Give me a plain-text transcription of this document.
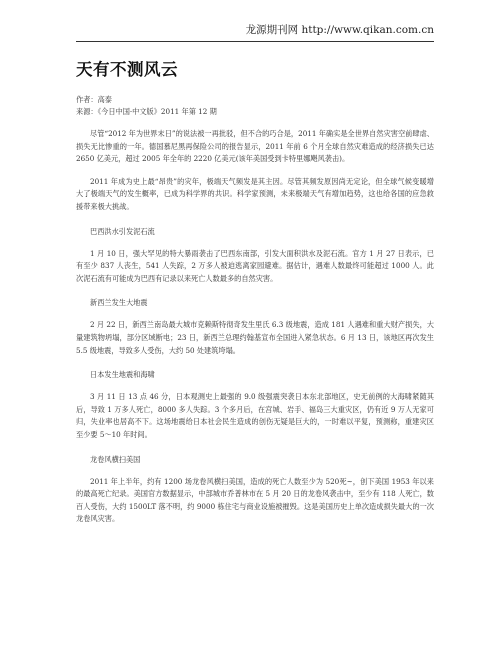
龙源期刊网 http://www.qikan.com.cn
天有不测风云
作者：高泰
来源：《今日中国·中文版》2011 年第 12 期

尽管“2012 年为世界末日”的说法被一再批驳，但不合的巧合是，2011 年确实是全世界自然灾害空前肆虐、损失无比惨重的一年。德国慕尼黑再保险公司的报告显示，2011 年前 6 个月全球自然灾难造成的经济损失已达 2650 亿美元，超过 2005 年全年的 2220 亿美元(该年美国受到卡特里娜飓风袭击)。

2011 年成为史上最“昂贵”的灾年，极端天气频发是其主因。尽管其频发原因尚无定论，但全球气候变暖增大了极端天气的发生概率，已成为科学界的共识。科学家预测，未来极端天气有增加趋势，这也给各国的应急救援带来极大挑战。

巴西洪水引发泥石流

1 月 10 日，强大罕见的特大暴雨袭击了巴西东南部，引发大面积洪水及泥石流。官方 1 月 27 日表示，已有至少 837 人丧生，541 人失踪，2 万多人被迫逃离家园避难。据估计，遇难人数最终可能超过 1000 人。此次泥石流有可能成为巴西有记录以来死亡人数最多的自然灾害。

新西兰发生大地震

2 月 22 日，新西兰南岛最大城市克赖斯特彻奇发生里氏 6.3 级地震，造成 181 人遇难和重大财产损失，大量建筑物坍塌，部分区域断电；23 日，新西兰总理约翰基宣布全国进入紧急状态。6 月 13 日，该地区再次发生 5.5 级地震，导致多人受伤，大约 50 处建筑垮塌。

日本发生地震和海啸

3 月 11 日 13 点 46 分，日本观测史上最强的 9.0 级强震突袭日本东北部地区，史无前例的大海啸紧随其后，导致 1 万多人死亡，8000 多人失踪。3 个多月后，在宫城、岩手、福岛三大重灾区，仍有近 9 万人无家可归，失业率也居高不下。这场地震给日本社会民生造成的创伤无疑是巨大的，一时难以平复，预测称，重建灾区至少要 5～10 年时间。

龙卷风横扫美国

2011 年上半年，约有 1200 场龙卷风横扫美国，造成的死亡人数至少为 520死~，创下美国 1953 年以来的最高死亡纪录。美国官方数据显示，中部城市乔普林市在 5 月 20 日的龙卷风袭击中，至少有 118 人死亡，数百人受伤，大约 1500LT 落不明，约 9000 栋住宅与商业设施被摧毁。这是美国历史上单次造成损失最大的一次龙卷风灾害。
